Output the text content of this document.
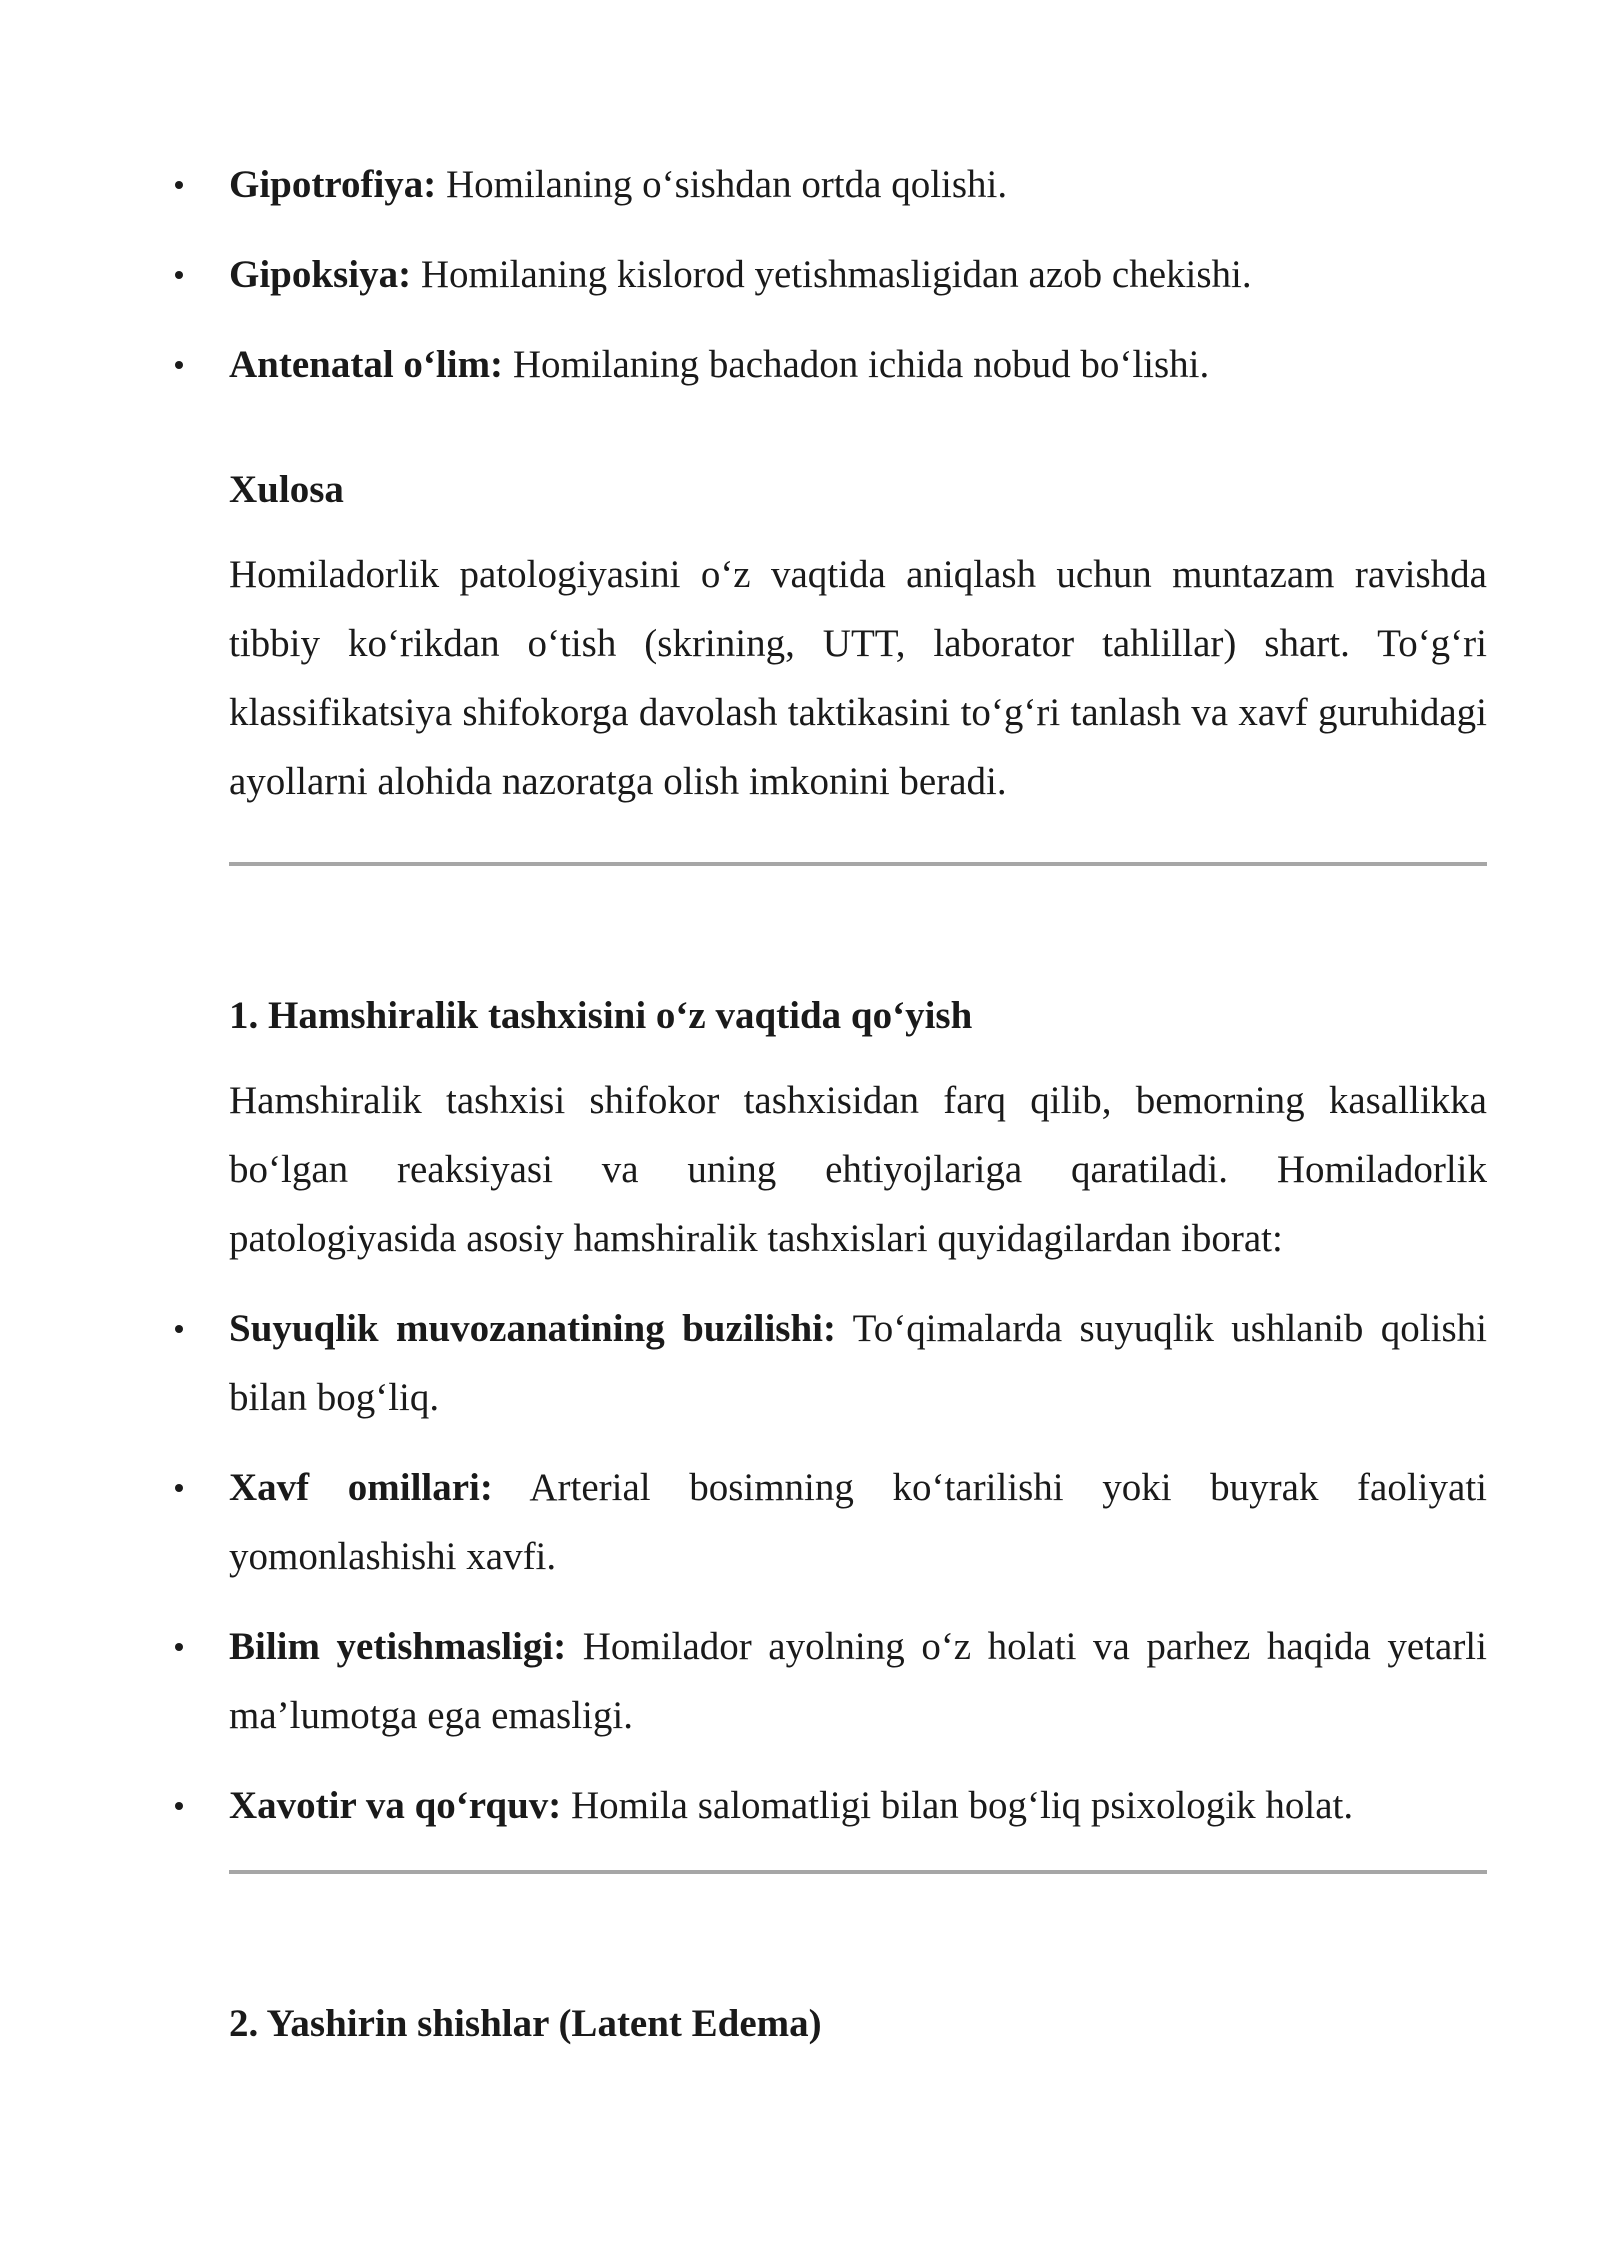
Gipotrofiya: Homilaning o‘sishdan ortda qolishi.
Gipoksiya: Homilaning kislorod yetishmasligidan azob chekishi.
Antenatal o‘lim: Homilaning bachadon ichida nobud bo‘lishi.
Xulosa

Homiladorlik patologiyasini o‘z vaqtida aniqlash uchun muntazam ravishda tibbiy ko‘rikdan o‘tish (skrining, UTT, laborator tahlillar) shart. To‘g‘ri klassifikatsiya shifokorga davolash taktikasini to‘g‘ri tanlash va xavf guruhidagi ayollarni alohida nazoratga olish imkonini beradi.

1. Hamshiralik tashxisini o‘z vaqtida qo‘yish

Hamshiralik tashxisi shifokor tashxisidan farq qilib, bemorning kasallikka bo‘lgan reaksiyasi va uning ehtiyojlariga qaratiladi. Homiladorlik patologiyasida asosiy hamshiralik tashxislari quyidagilardan iborat:

Suyuqlik muvozanatining buzilishi: To‘qimalarda suyuqlik ushlanib qolishi bilan bog‘liq.
Xavf omillari: Arterial bosimning ko‘tarilishi yoki buyrak faoliyati yomonlashishi xavfi.
Bilim yetishmasligi: Homilador ayolning o‘z holati va parhez haqida yetarli ma’lumotga ega emasligi.
Xavotir va qo‘rquv: Homila salomatligi bilan bog‘liq psixologik holat.
2. Yashirin shishlar (Latent Edema)
